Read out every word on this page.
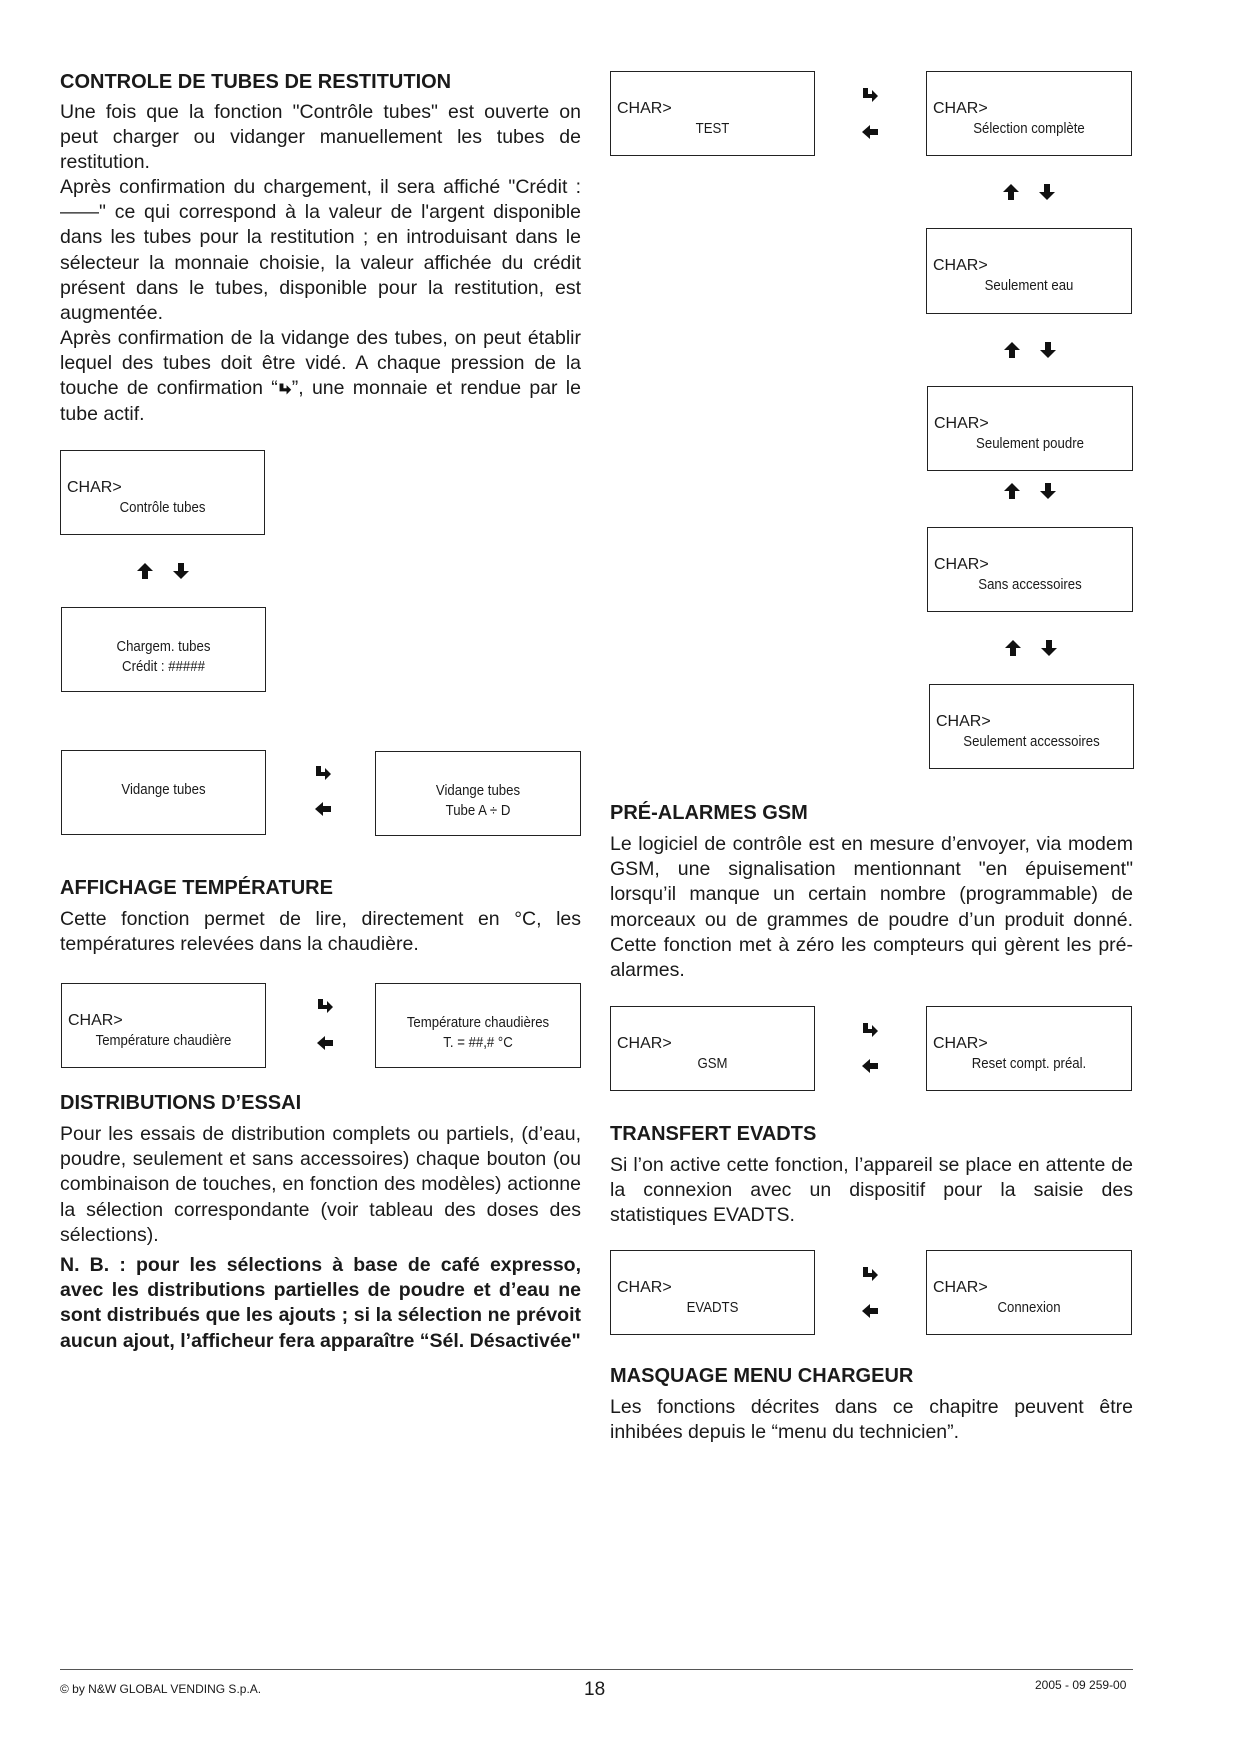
CONTROLE DE TUBES DE RESTITUTION
Une fois que la fonction "Contrôle tubes" est ouverte on peut charger ou vidanger manuellement les tubes de restitution.
Après confirmation du chargement, il sera affiché "Crédit : ——" ce qui correspond à la valeur de l'argent disponible dans les tubes pour la restitution ; en introduisant dans le sélecteur la monnaie choisie, la valeur affichée du crédit présent dans le tubes, disponible pour la restitution, est augmentée.
Après confirmation de la vidange des tubes, on peut établir lequel des tubes doit être vidé. A chaque pression de la touche de confirmation “ ”, une monnaie et rendue par le tube actif.
CHAR>
Contrôle tubes
Chargem. tubes
Crédit : #####
Vidange tubes	Vidange tubes
Tube A ÷ D
AFFICHAGE TEMPÉRATURE
Cette fonction permet de lire, directement en °C, les températures relevées dans la chaudière.
CHAR>
Température chaudière
Température chaudières
T. = ##,# °C
DISTRIBUTIONS D’ESSAI
Pour les essais de distribution complets ou partiels, (d’eau, poudre, seulement et sans accessoires) chaque bouton (ou combinaison de touches, en fonction des modèles) actionne la sélection correspondante (voir tableau des doses des sélections).
N. B. : pour les sélections à base de café expresso, avec les distributions partielles de poudre et d’eau ne sont distribués que les ajouts ; si la sélection ne prévoit aucun ajout, l’afficheur fera apparaître “Sél. Désactivée"
CHAR>
TEST
CHAR>
Sélection complète
CHAR>
Seulement eau
CHAR>
Seulement poudre
CHAR>
Sans accessoires
CHAR>
Seulement accessoires
PRÉ-ALARMES GSM
Le logiciel de contrôle est en mesure d’envoyer, via modem GSM, une signalisation mentionnant "en épuisement" lorsqu’il manque un certain nombre (programmable) de morceaux ou de grammes de poudre d’un produit donné. Cette fonction met à zéro les compteurs qui gèrent les pré-alarmes.
CHAR>
GSM
CHAR>
Reset compt. préal.
TRANSFERT EVADTS
Si l’on active cette fonction, l’appareil se place en attente de la connexion avec un dispositif pour la saisie des statistiques EVADTS.
CHAR>
EVADTS
CHAR>
Connexion
MASQUAGE MENU CHARGEUR
Les fonctions décrites dans ce chapitre peuvent être inhibées depuis le “menu du technicien”.
© by N&W GLOBAL VENDING S.p.A.	18	2005 - 09 259-00
